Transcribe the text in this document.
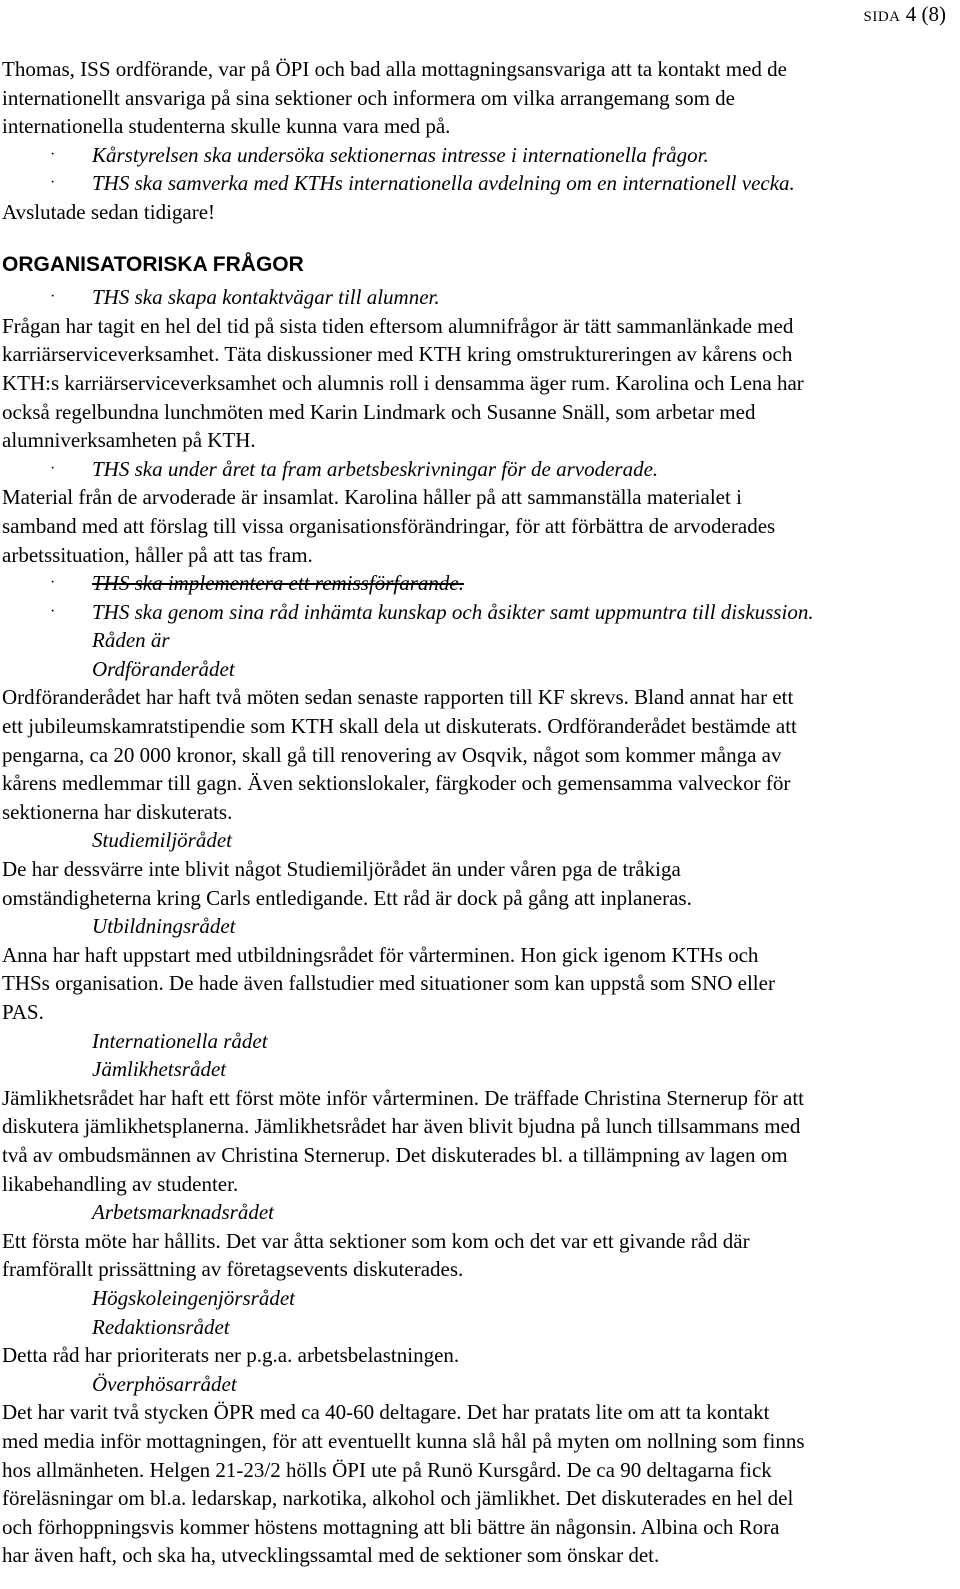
SIDA 4 (8)
Thomas, ISS ordförande, var på ÖPI och bad alla mottagningsansvariga att ta kontakt med de
internationellt ansvariga på sina sektioner och informera om vilka arrangemang som de
internationella studenterna skulle kunna vara med på.
· Kårstyrelsen ska undersöka sektionernas intresse i internationella frågor.
· THS ska samverka med KTHs internationella avdelning om en internationell vecka.
Avslutade sedan tidigare!
ORGANISATORISKA FRÅGOR
· THS ska skapa kontaktvägar till alumner.
Frågan har tagit en hel del tid på sista tiden eftersom alumnifrågor är tätt sammanlänkade med
karriärserviceverksamhet. Täta diskussioner med KTH kring omstruktureringen av kårens och
KTH:s karriärserviceverksamhet och alumnis roll i densamma äger rum. Karolina och Lena har
också regelbundna lunchmöten med Karin Lindmark och Susanne Snäll, som arbetar med
alumniverksamheten på KTH.
· THS ska under året ta fram arbetsbeskrivningar för de arvoderade.
Material från de arvoderade är insamlat. Karolina håller på att sammanställa materialet i
samband med att förslag till vissa organisationsförändringar, för att förbättra de arvoderades
arbetssituation, håller på att tas fram.
· THS ska implementera ett remissförfarande.
· THS ska genom sina råd inhämta kunskap och åsikter samt uppmuntra till diskussion.
Råden är
Ordföranderådet
Ordföranderådet har haft två möten sedan senaste rapporten till KF skrevs. Bland annat har ett
ett jubileumskamratstipendie som KTH skall dela ut diskuterats. Ordföranderådet bestämde att
pengarna, ca 20 000 kronor, skall gå till renovering av Osqvik, något som kommer många av
kårens medlemmar till gagn. Även sektionslokaler, färgkoder och gemensamma valveckor för
sektionerna har diskuterats.
Studiemiljörådet
De har dessvärre inte blivit något Studiemiljörådet än under våren pga de tråkiga
omständigheterna kring Carls entledigande. Ett råd är dock på gång att inplaneras.
Utbildningsrådet
Anna har haft uppstart med utbildningsrådet för vårterminen. Hon gick igenom KTHs och
THSs organisation. De hade även fallstudier med situationer som kan uppstå som SNO eller
PAS.
Internationella rådet
Jämlikhetsrådet
Jämlikhetsrådet har haft ett först möte inför vårterminen. De träffade Christina Sternerup för att
diskutera jämlikhetsplanerna. Jämlikhetsrådet har även blivit bjudna på lunch tillsammans med
två av ombudsmännen av Christina Sternerup. Det diskuterades bl. a tillämpning av lagen om
likabehandling av studenter.
Arbetsmarknadsrådet
Ett första möte har hållits. Det var åtta sektioner som kom och det var ett givande råd där
framförallt prissättning av företagsevents diskuterades.
Högskoleingenjörsrådet
Redaktionsrådet
Detta råd har prioriterats ner p.g.a. arbetsbelastningen.
Överphösarrådet
Det har varit två stycken ÖPR med ca 40-60 deltagare. Det har pratats lite om att ta kontakt
med media inför mottagningen, för att eventuellt kunna slå hål på myten om nollning som finns
hos allmänheten. Helgen 21-23/2 hölls ÖPI ute på Runö Kursgård. De ca 90 deltagarna fick
föreläsningar om bl.a. ledarskap, narkotika, alkohol och jämlikhet. Det diskuterades en hel del
och förhoppningsvis kommer höstens mottagning att bli bättre än någonsin. Albina och Rora
har även haft, och ska ha, utvecklingssamtal med de sektioner som önskar det.
